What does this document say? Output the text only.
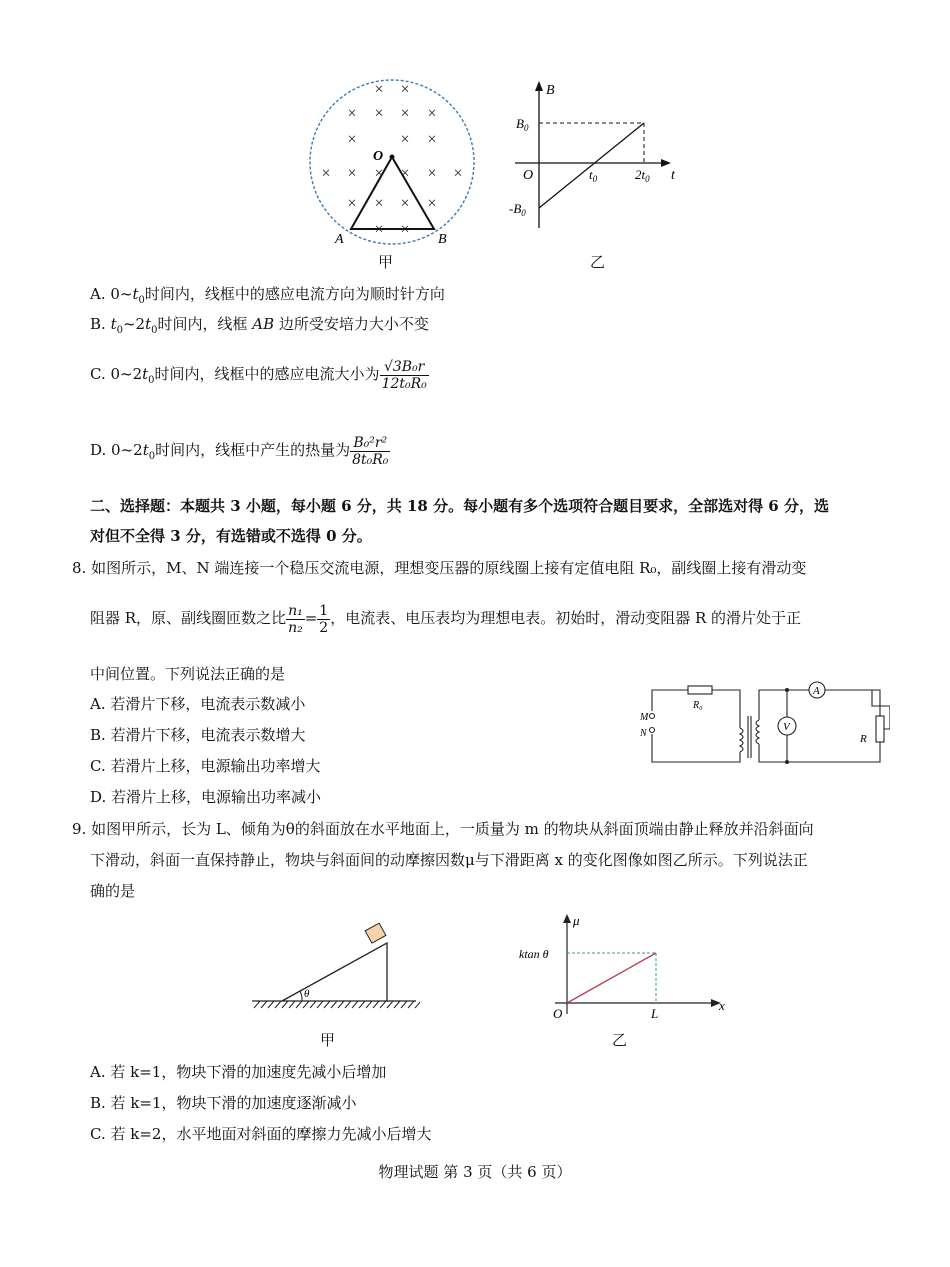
× ×
× × × ×
×	× ×
× × × × × ×
× × × ×
× ×
O
A	B
甲
B
t
O
$B_0$
$-B_0$
$t_0$	$2t_0$
乙
A. $0\sim t_0$时间内，线框中的感应电流方向为顺时针方向
B. $t_0\sim 2t_0$时间内，线框 AB 边所受安培力大小不变
C. $0\sim 2t_0$时间内，线框中的感应电流大小为 $\frac{\text{√3B₀r}}{\text{12t₀R₀}}$
D. $0\sim 2t_0$时间内，线框中产生的热量为 $\frac{\text{B₀²r²}}{\text{8t₀R₀}}$
二、选择题：本题共 3 小题，每小题 6 分，共 18 分。每小题有多个选项符合题目要求，全部选对得 6 分，选
对但不全得 3 分，有选错或不选得 0 分。
8. 如图所示，M、N 端连接一个稳压交流电源，理想变压器的原线圈上接有定值电阻 R₀，副线圈上接有滑动变
阻器 R，原、副线圈匝数之比 $\frac{\text{n₁}}{\text{n₂}} = \frac{1}{2}$ ，电流表、电压表均为理想电表。初始时，滑动变阻器 R 的滑片处于正
中间位置。下列说法正确的是
A. 若滑片下移，电流表示数减小
B. 若滑片下移，电流表示数增大
C. 若滑片上移，电源输出功率增大
D. 若滑片上移，电源输出功率减小
V
A
R₀
M
N	R
9. 如图甲所示，长为 L、倾角为θ的斜面放在水平地面上，一质量为 m 的物块从斜面顶端由静止释放并沿斜面向
下滑动，斜面一直保持静止，物块与斜面间的动摩擦因数μ与下滑距离 x 的变化图像如图乙所示。下列说法正
确的是
θ
甲
μ
x
ktan θ
O	L
乙
A. 若 k=1，物块下滑的加速度先减小后增加
B. 若 k=1，物块下滑的加速度逐渐减小
C. 若 k=2，水平地面对斜面的摩擦力先减小后增大
物理试题 第 3 页（共 6 页）
